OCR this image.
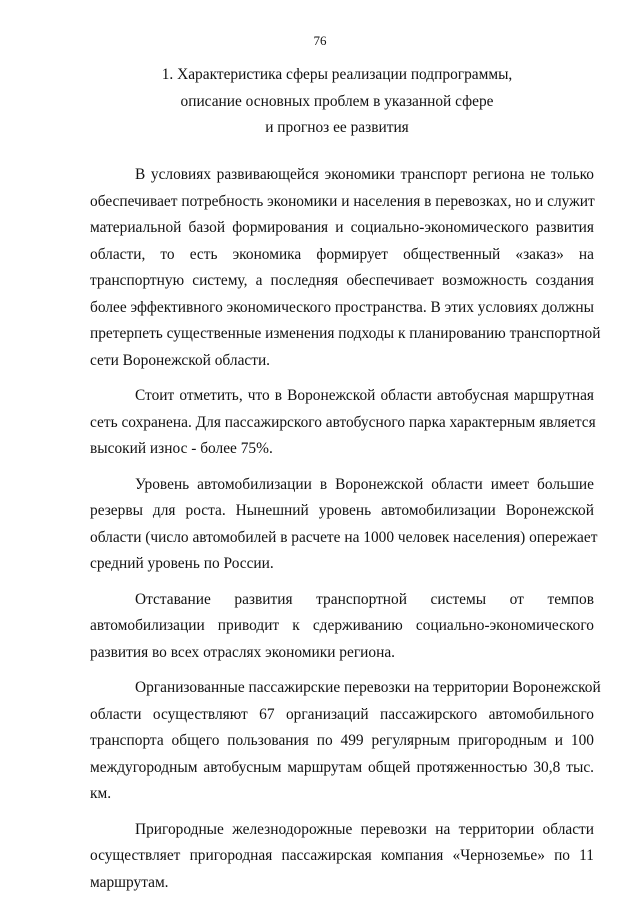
76
1. Характеристика сферы реализации подпрограммы,
описание основных проблем в указанной сфере
и прогноз ее развития
В условиях развивающейся экономики транспорт региона не только
обеспечивает потребность экономики и населения в перевозках, но и служит
материальной базой формирования и социально-экономического развития
области, то есть экономика формирует общественный «заказ» на
транспортную систему, а последняя обеспечивает возможность создания
более эффективного экономического пространства. В этих условиях должны
претерпеть существенные изменения подходы к планированию транспортной
сети Воронежской области.
Стоит отметить, что в Воронежской области автобусная маршрутная
сеть сохранена. Для пассажирского автобусного парка характерным является
высокий износ - более 75%.
Уровень автомобилизации в Воронежской области имеет большие
резервы для роста. Нынешний уровень автомобилизации Воронежской
области (число автомобилей в расчете на 1000 человек населения) опережает
средний уровень по России.
Отставание развития транспортной системы от темпов
автомобилизации приводит к сдерживанию социально-экономического
развития во всех отраслях экономики региона.
Организованные пассажирские перевозки на территории Воронежской
области осуществляют 67 организаций пассажирского автомобильного
транспорта общего пользования по 499 регулярным пригородным и 100
междугородным автобусным маршрутам общей протяженностью 30,8 тыс.
км.
Пригородные железнодорожные перевозки на территории области
осуществляет пригородная пассажирская компания «Черноземье» по 11
маршрутам.
